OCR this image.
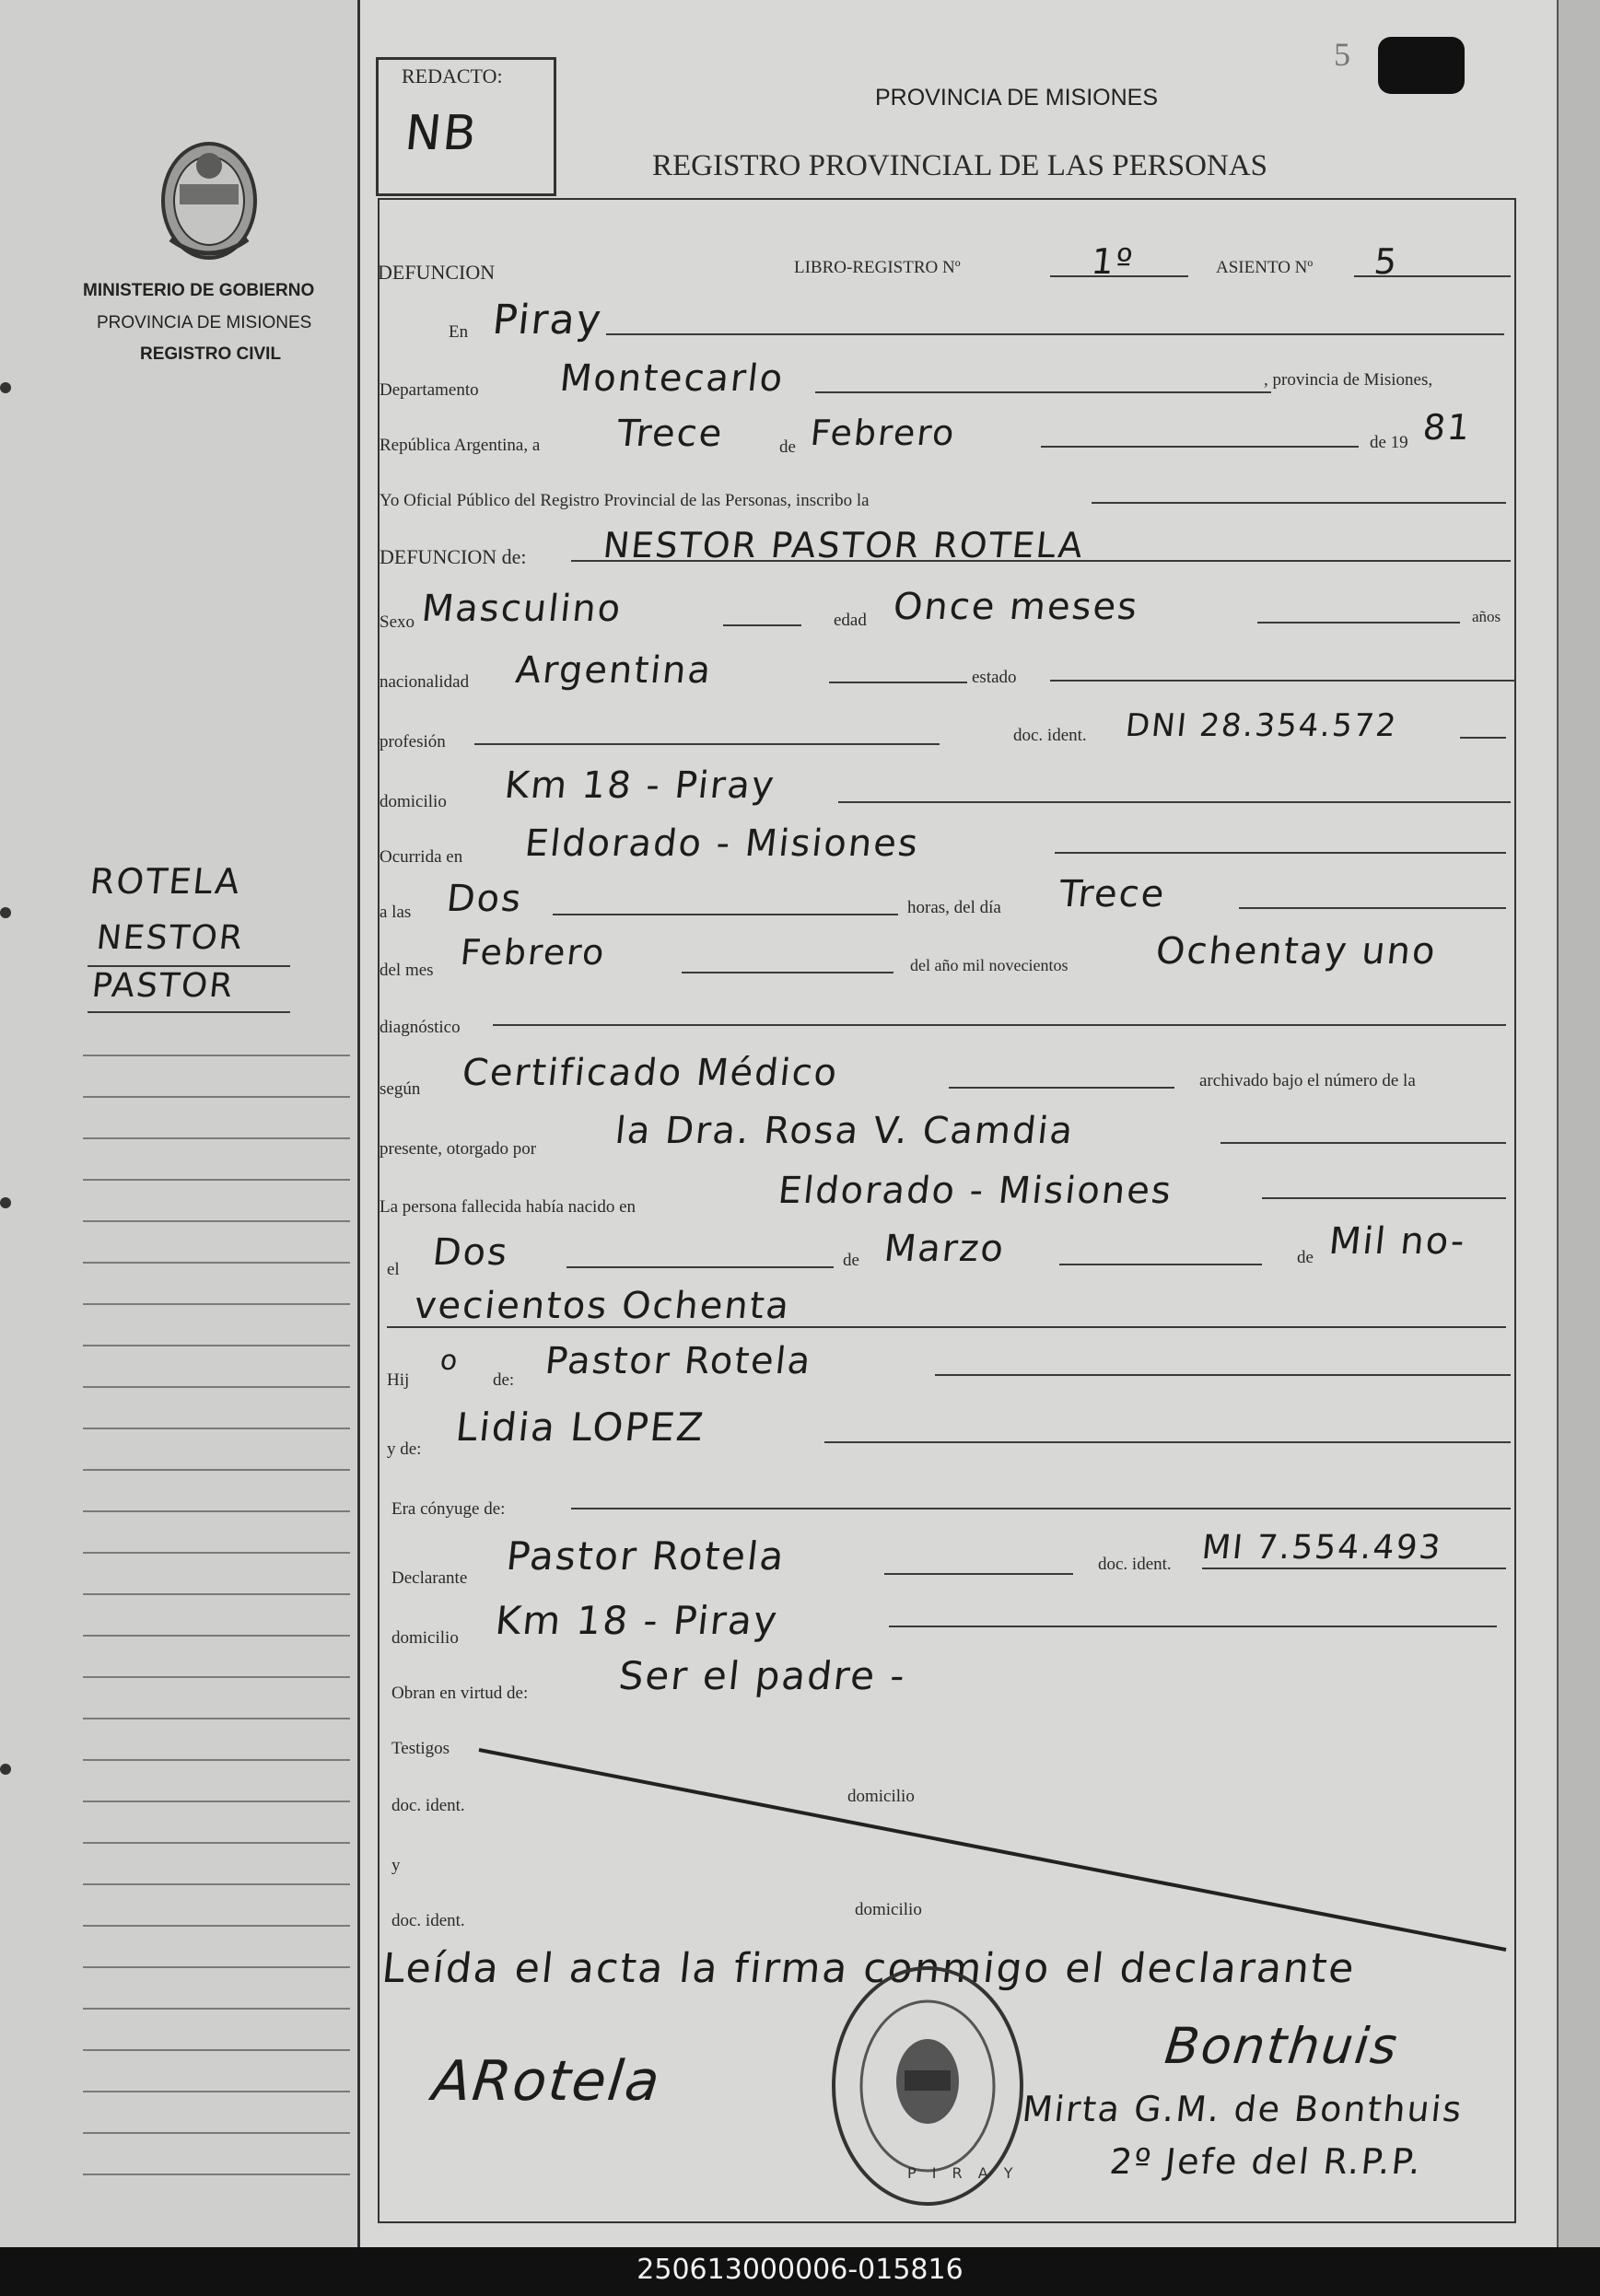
MINISTERIO DE GOBIERNO
PROVINCIA DE MISIONES
REGISTRO CIVIL
ROTELA
NESTOR
PASTOR
REDACTO:
NB
PROVINCIA DE MISIONES
REGISTRO PROVINCIAL DE LAS PERSONAS
5
DEFUNCION	LIBRO-REGISTRO Nº	1º	ASIENTO Nº 5
En Piray
Departamento Montecarlo	, provincia de Misiones,
República Argentina, a Trece	de Febrero	de 19 81
Yo Oficial Público del Registro Provincial de las Personas, inscribo la
DEFUNCION de: NESTOR PASTOR ROTELA
Sexo Masculino	edad Once meses	años
nacionalidad Argentina	estado
profesión	doc. ident. DNI 28.354.572
domicilio Km 18 - Piray
Ocurrida en Eldorado - Misiones
a las Dos	horas, del día Trece
del mes Febrero	del año mil novecientos Ochentay uno
diagnóstico
según Certificado Médico	archivado bajo el número de la
presente, otorgado por la Dra. Rosa V. Camdia
La persona fallecida había nacido en	Eldorado - Misiones
el Dos	de Marzo	de Mil no-
vecientos Ochenta
Hij
o
de: Pastor Rotela
y de: Lidia LOPEZ
Era cónyuge de:
Declarante Pastor Rotela	doc. ident. MI 7.554.493
domicilio Km 18 - Piray
Obran en virtud de: Ser el padre -
Testigos
doc. ident.	domicilio
y
doc. ident.
domicilio
Leída el acta la firma conmigo el declarante
P I R A Y
ARotela
Bonthuis
Mirta G.M. de Bonthuis
2º Jefe del R.P.P.
250613000006-015816
